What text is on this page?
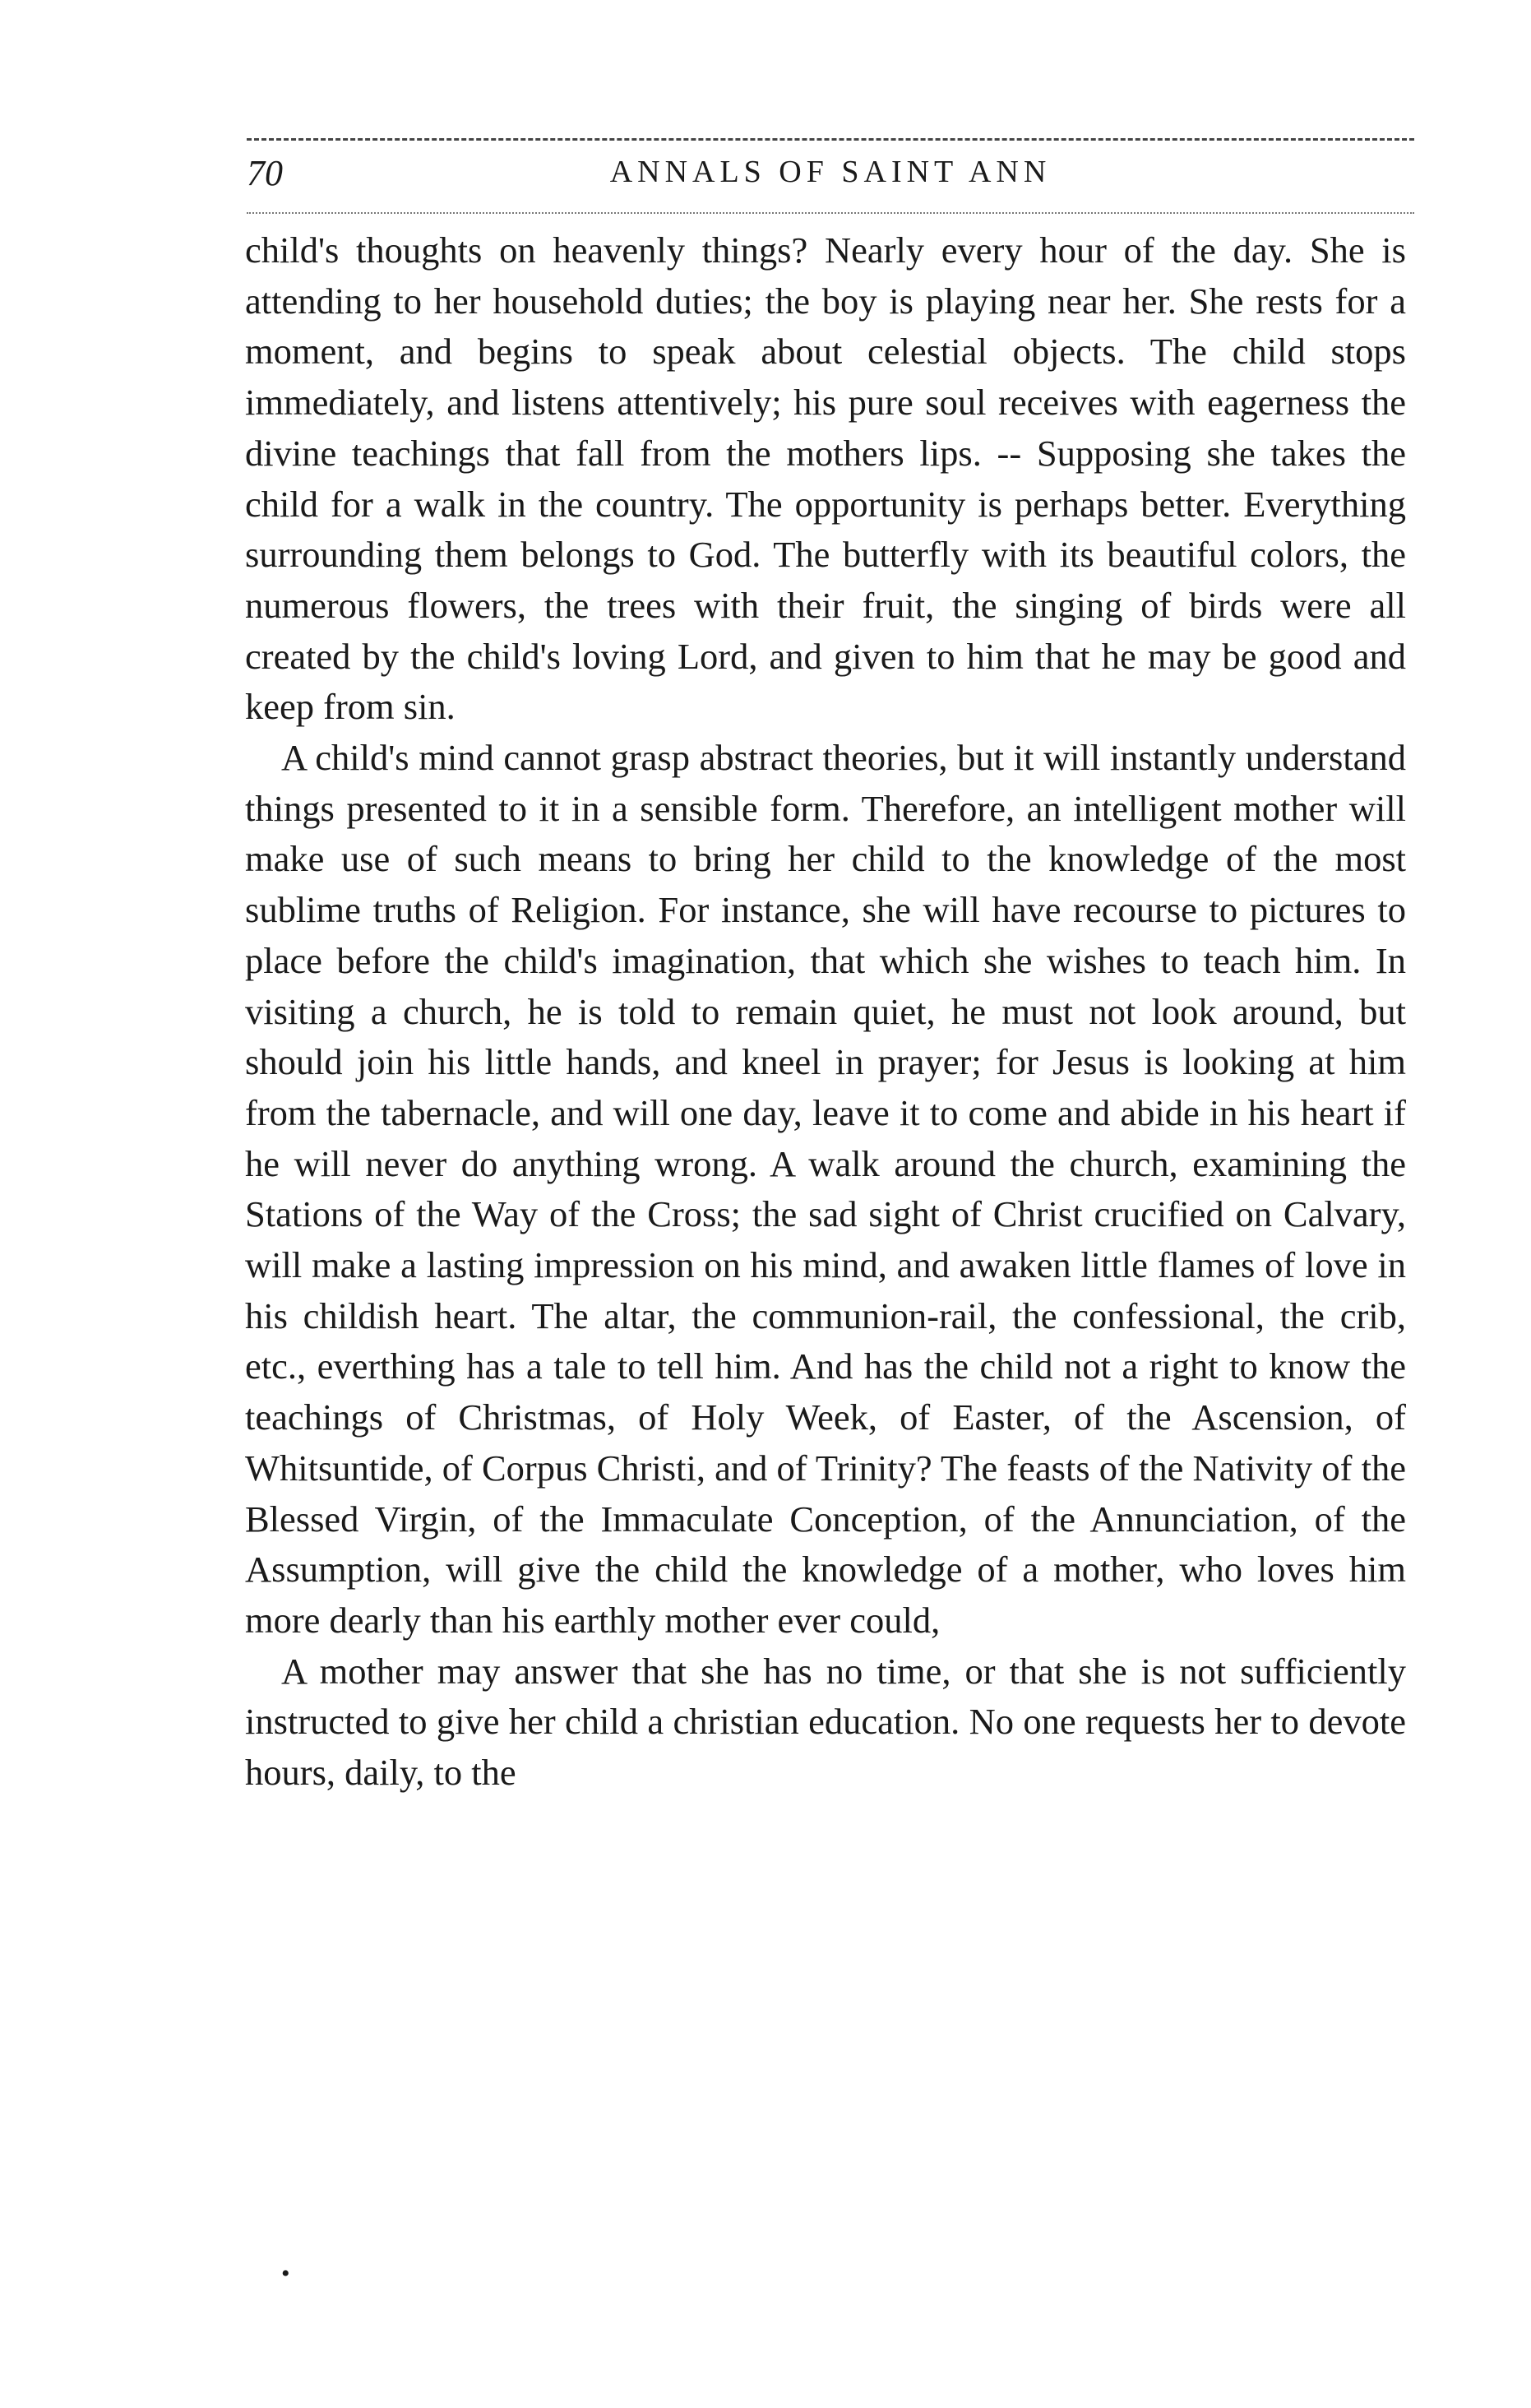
70	ANNALS OF SAINT ANN

child's thoughts on heavenly things? Nearly every hour of the day. She is attending to her household duties; the boy is playing near her. She rests for a moment, and begins to speak about celestial objects. The child stops immediately, and listens attentively; his pure soul receives with eagerness the divine teachings that fall from the mothers lips. -- Supposing she takes the child for a walk in the country. The opportunity is perhaps better. Everything surrounding them belongs to God. The butterfly with its beautiful colors, the numerous flowers, the trees with their fruit, the singing of birds were all created by the child's loving Lord, and given to him that he may be good and keep from sin.

A child's mind cannot grasp abstract theories, but it will instantly understand things presented to it in a sensible form. Therefore, an intelligent mother will make use of such means to bring her child to the knowledge of the most sublime truths of Religion. For instance, she will have recourse to pictures to place before the child's imagination, that which she wishes to teach him. In visiting a church, he is told to remain quiet, he must not look around, but should join his little hands, and kneel in prayer; for Jesus is looking at him from the tabernacle, and will one day, leave it to come and abide in his heart if he will never do anything wrong. A walk around the church, examining the Stations of the Way of the Cross; the sad sight of Christ crucified on Calvary, will make a lasting impression on his mind, and awaken little flames of love in his childish heart. The altar, the communion-rail, the confessional, the crib, etc., everthing has a tale to tell him. And has the child not a right to know the teachings of Christmas, of Holy Week, of Easter, of the Ascension, of Whitsuntide, of Corpus Christi, and of Trinity? The feasts of the Nativity of the Blessed Virgin, of the Immaculate Conception, of the Annunciation, of the Assumption, will give the child the knowledge of a mother, who loves him more dearly than his earthly mother ever could,

A mother may answer that she has no time, or that she is not sufficiently instructed to give her child a christian education. No one requests her to devote hours, daily, to the

•
